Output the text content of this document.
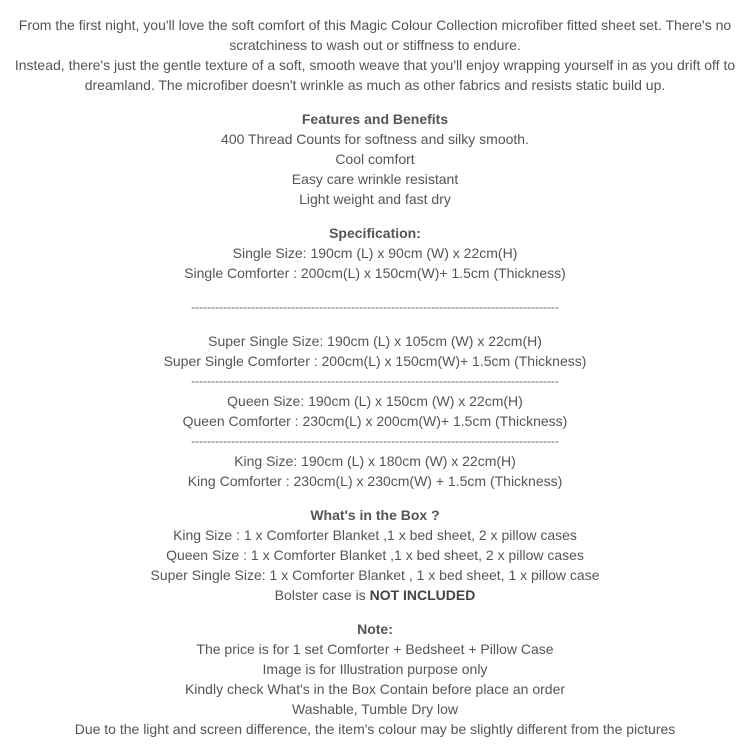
From the first night, you'll love the soft comfort of this Magic Colour Collection microfiber fitted sheet set. There's no
scratchiness to wash out or stiffness to endure.
Instead, there's just the gentle texture of a soft, smooth weave that you'll enjoy wrapping yourself in as you drift off to
dreamland. The microfiber doesn't wrinkle as much as other fabrics and resists static build up.
Features and Benefits
400 Thread Counts for softness and silky smooth.
Cool comfort
Easy care wrinkle resistant
Light weight and fast dry
Specification:
Single Size: 190cm (L) x 90cm (W) x 22cm(H)
Single Comforter : 200cm(L) x 150cm(W)+ 1.5cm (Thickness)
--------------------------------------------------------------------------------------------
Super Single Size: 190cm (L) x 105cm (W) x 22cm(H)
Super Single Comforter : 200cm(L) x 150cm(W)+ 1.5cm (Thickness)
--------------------------------------------------------------------------------------------
Queen Size: 190cm (L) x 150cm (W) x 22cm(H)
Queen Comforter : 230cm(L) x 200cm(W)+ 1.5cm (Thickness)
--------------------------------------------------------------------------------------------
King Size: 190cm (L) x 180cm (W) x 22cm(H)
King Comforter : 230cm(L) x 230cm(W) + 1.5cm (Thickness)
What's in the Box ?
King Size : 1 x Comforter Blanket ,1 x bed sheet, 2 x pillow cases
Queen Size : 1 x Comforter Blanket ,1 x bed sheet, 2 x pillow cases
Super Single Size: 1 x Comforter Blanket , 1 x bed sheet, 1 x pillow case
Bolster case is NOT INCLUDED
Note:
The price is for 1 set Comforter + Bedsheet + Pillow Case
Image is for Illustration purpose only
Kindly check What's in the Box Contain before place an order
Washable, Tumble Dry low
Due to the light and screen difference, the item's colour may be slightly different from the pictures
